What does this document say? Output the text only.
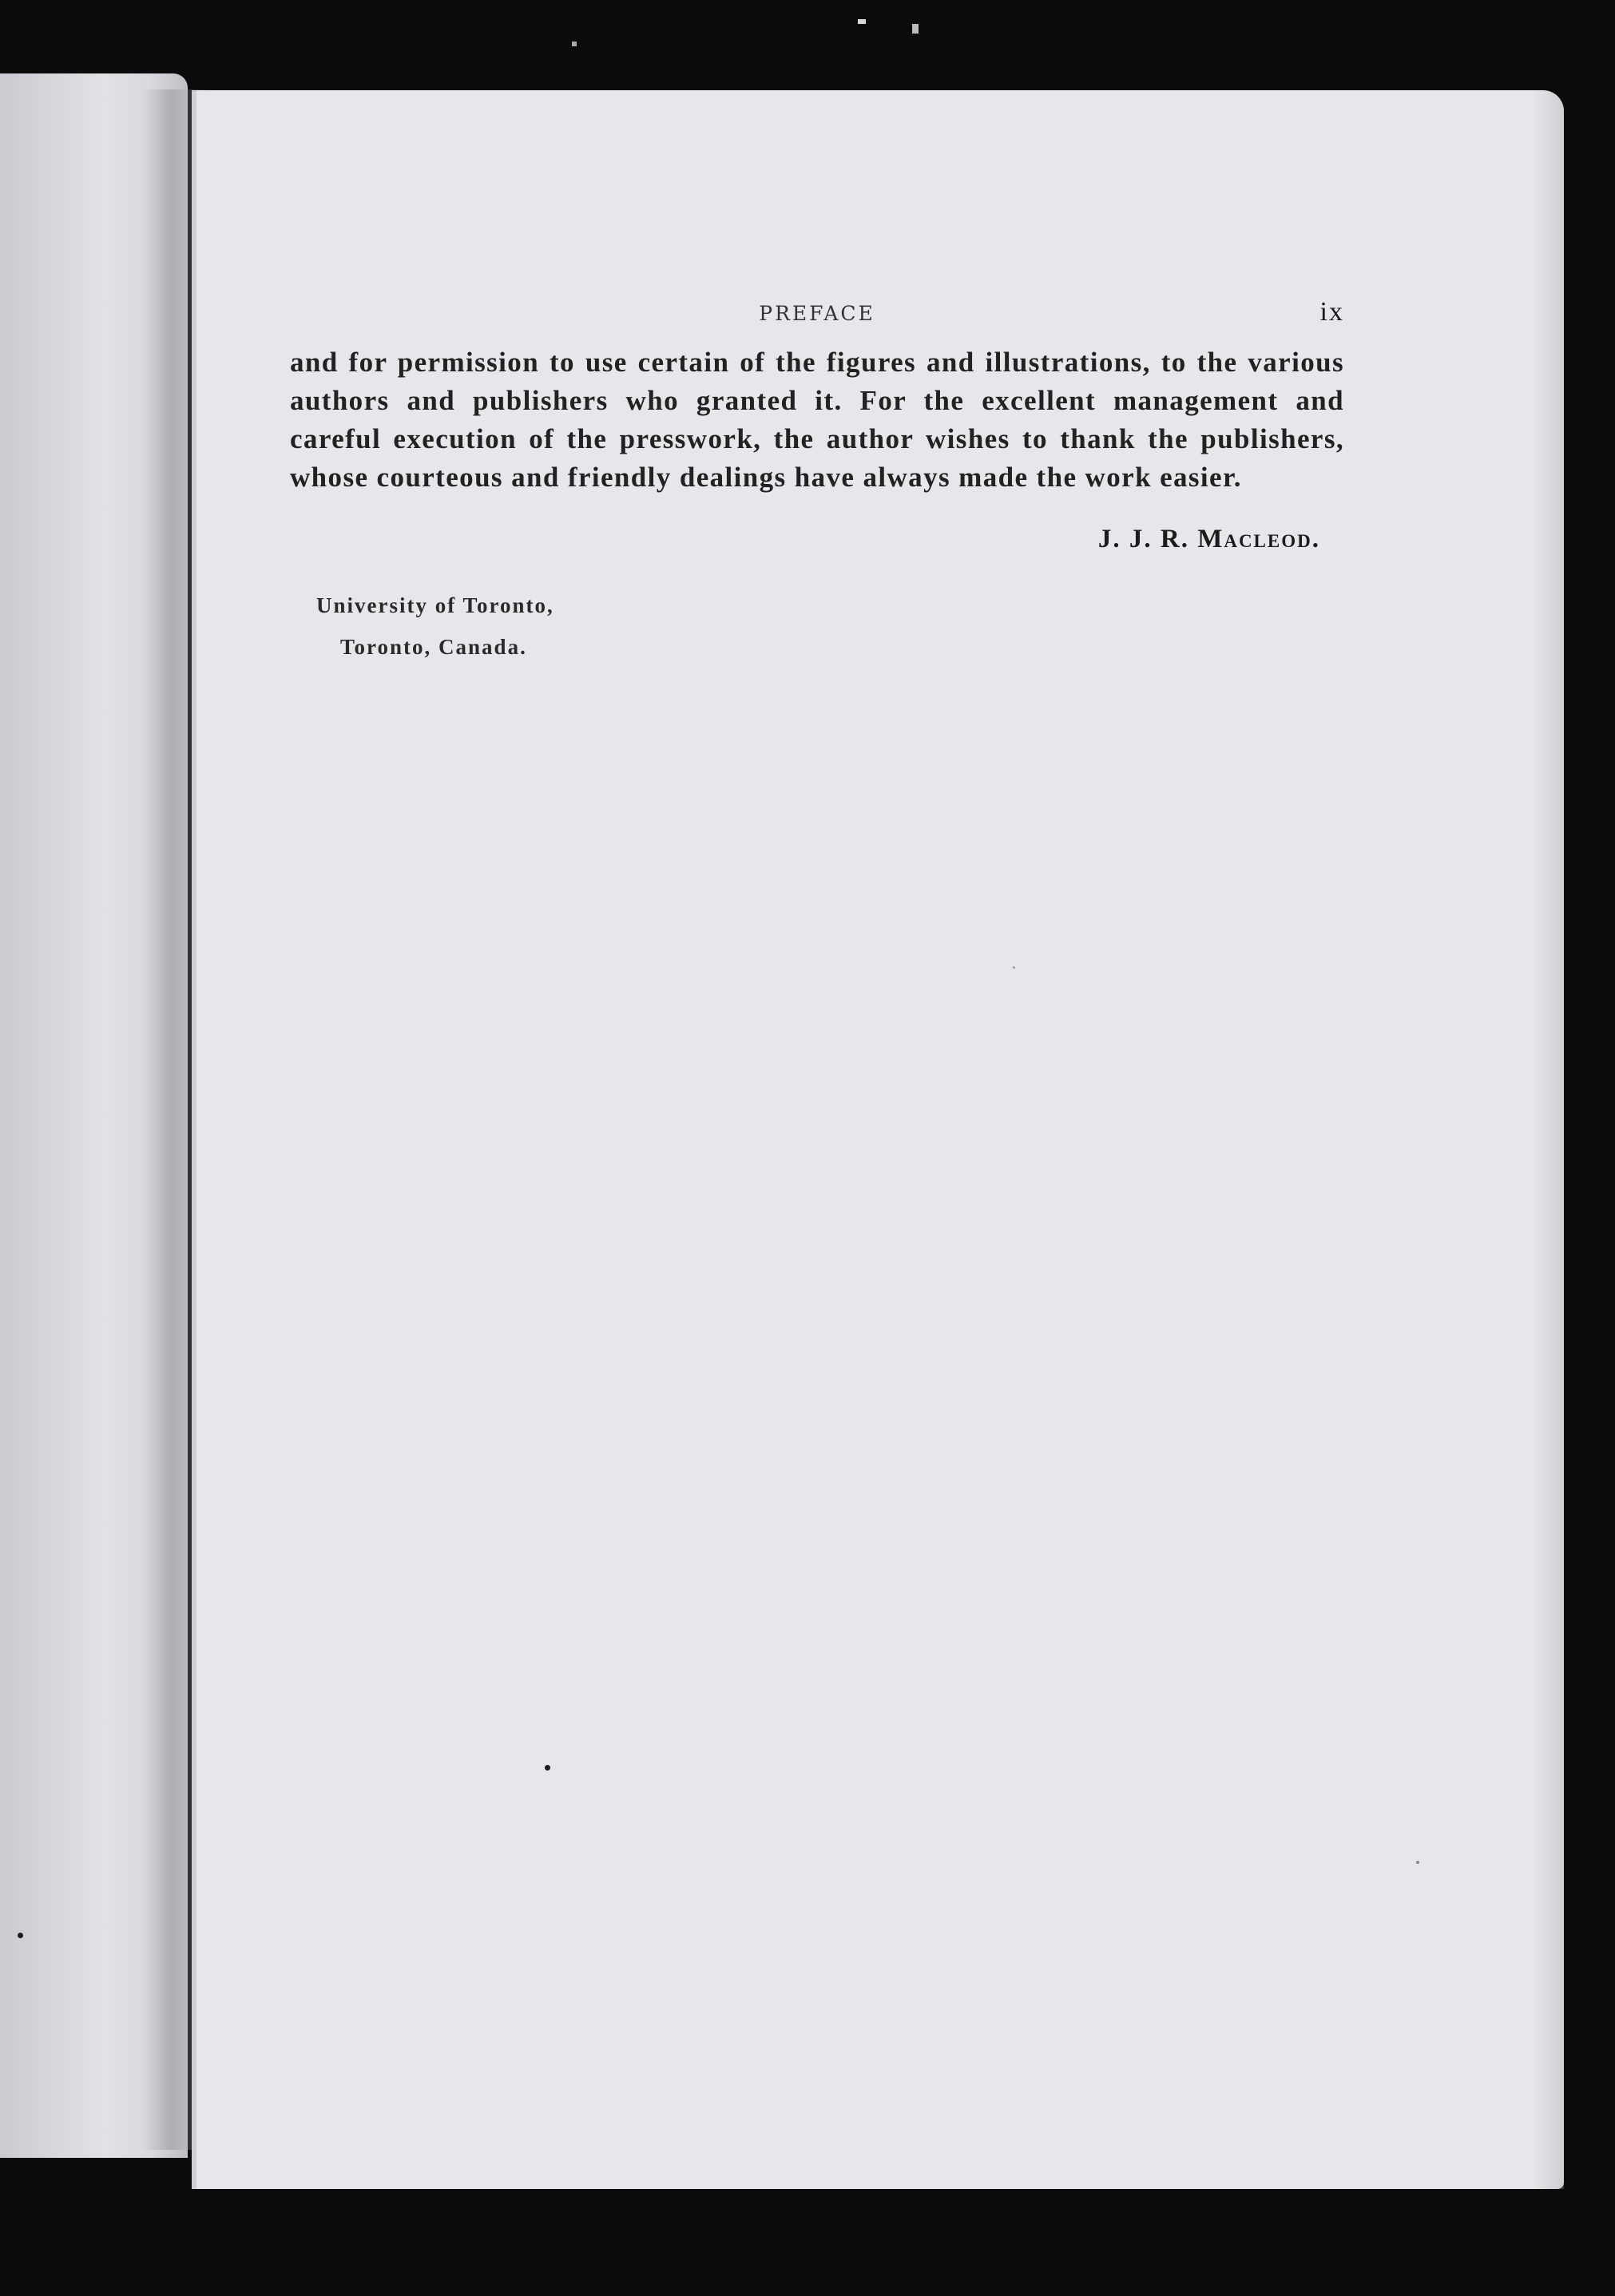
PREFACE	ix

and for permission to use certain of the figures and illustrations, to the various authors and publishers who granted it. For the excellent management and careful execution of the presswork, the author wishes to thank the publishers, whose courteous and friendly dealings have always made the work easier.

J. J. R. Macleod.
University of Toronto,
Toronto, Canada.
